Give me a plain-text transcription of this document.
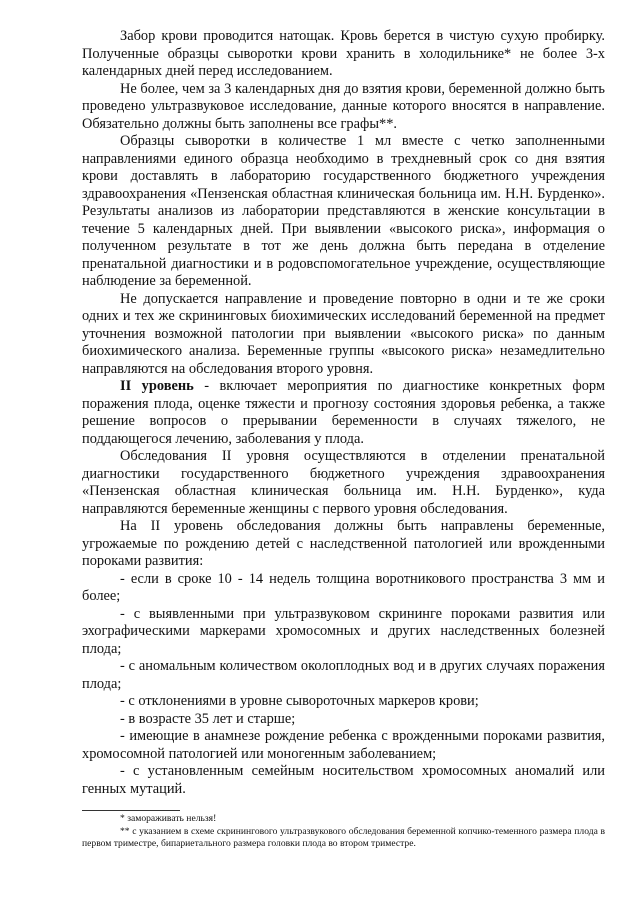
Забор крови проводится натощак. Кровь берется в чистую сухую пробирку. Полученные образцы сыворотки крови хранить в холодильнике* не более 3-х календарных дней перед исследованием.

Не более, чем за 3 календарных дня до взятия крови, беременной должно быть проведено ультразвуковое исследование, данные которого вносятся в направление. Обязательно должны быть заполнены все графы**.

Образцы сыворотки в количестве 1 мл вместе с четко заполненными направлениями единого образца необходимо в трехдневный срок со дня взятия крови доставлять в лабораторию государственного бюджетного учреждения здравоохранения «Пензенская областная клиническая больница им. Н.Н. Бурденко». Результаты анализов из лаборатории представляются в женские консультации в течение 5 календарных дней. При выявлении «высокого риска», информация о полученном результате в тот же день должна быть передана в отделение пренатальной диагностики и в родовспомогательное учреждение, осуществляющие наблюдение за беременной.

Не допускается направление и проведение повторно в одни и те же сроки одних и тех же скрининговых биохимических исследований беременной на предмет уточнения возможной патологии при выявлении «высокого риска» по данным биохимического анализа. Беременные группы «высокого риска» незамедлительно направляются на обследования второго уровня.

II уровень - включает мероприятия по диагностике конкретных форм поражения плода, оценке тяжести и прогнозу состояния здоровья ребенка, а также решение вопросов о прерывании беременности в случаях тяжелого, не поддающегося лечению, заболевания у плода.

Обследования II уровня осуществляются в отделении пренатальной диагностики государственного бюджетного учреждения здравоохранения «Пензенская областная клиническая больница им. Н.Н. Бурденко», куда направляются беременные женщины с первого уровня обследования.

На II уровень обследования должны быть направлены беременные, угрожаемые по рождению детей с наследственной патологией или врожденными пороками развития:

- если в сроке 10 - 14 недель толщина воротникового пространства 3 мм и более;

- с выявленными при ультразвуковом скрининге пороками развития или эхографическими маркерами хромосомных и других наследственных болезней плода;

- с аномальным количеством околоплодных вод и в других случаях поражения плода;

- с отклонениями в уровне сывороточных маркеров крови;

- в возрасте 35 лет и старше;

- имеющие в анамнезе рождение ребенка с врожденными пороками развития, хромосомной патологией или моногенным заболеванием;

- с установленным семейным носительством хромосомных аномалий или генных мутаций.

* замораживать нельзя!

** с указанием в схеме скринингового ультразвукового обследования беременной копчико-теменного размера плода в первом триместре, бипариетального размера головки плода во втором триместре.
